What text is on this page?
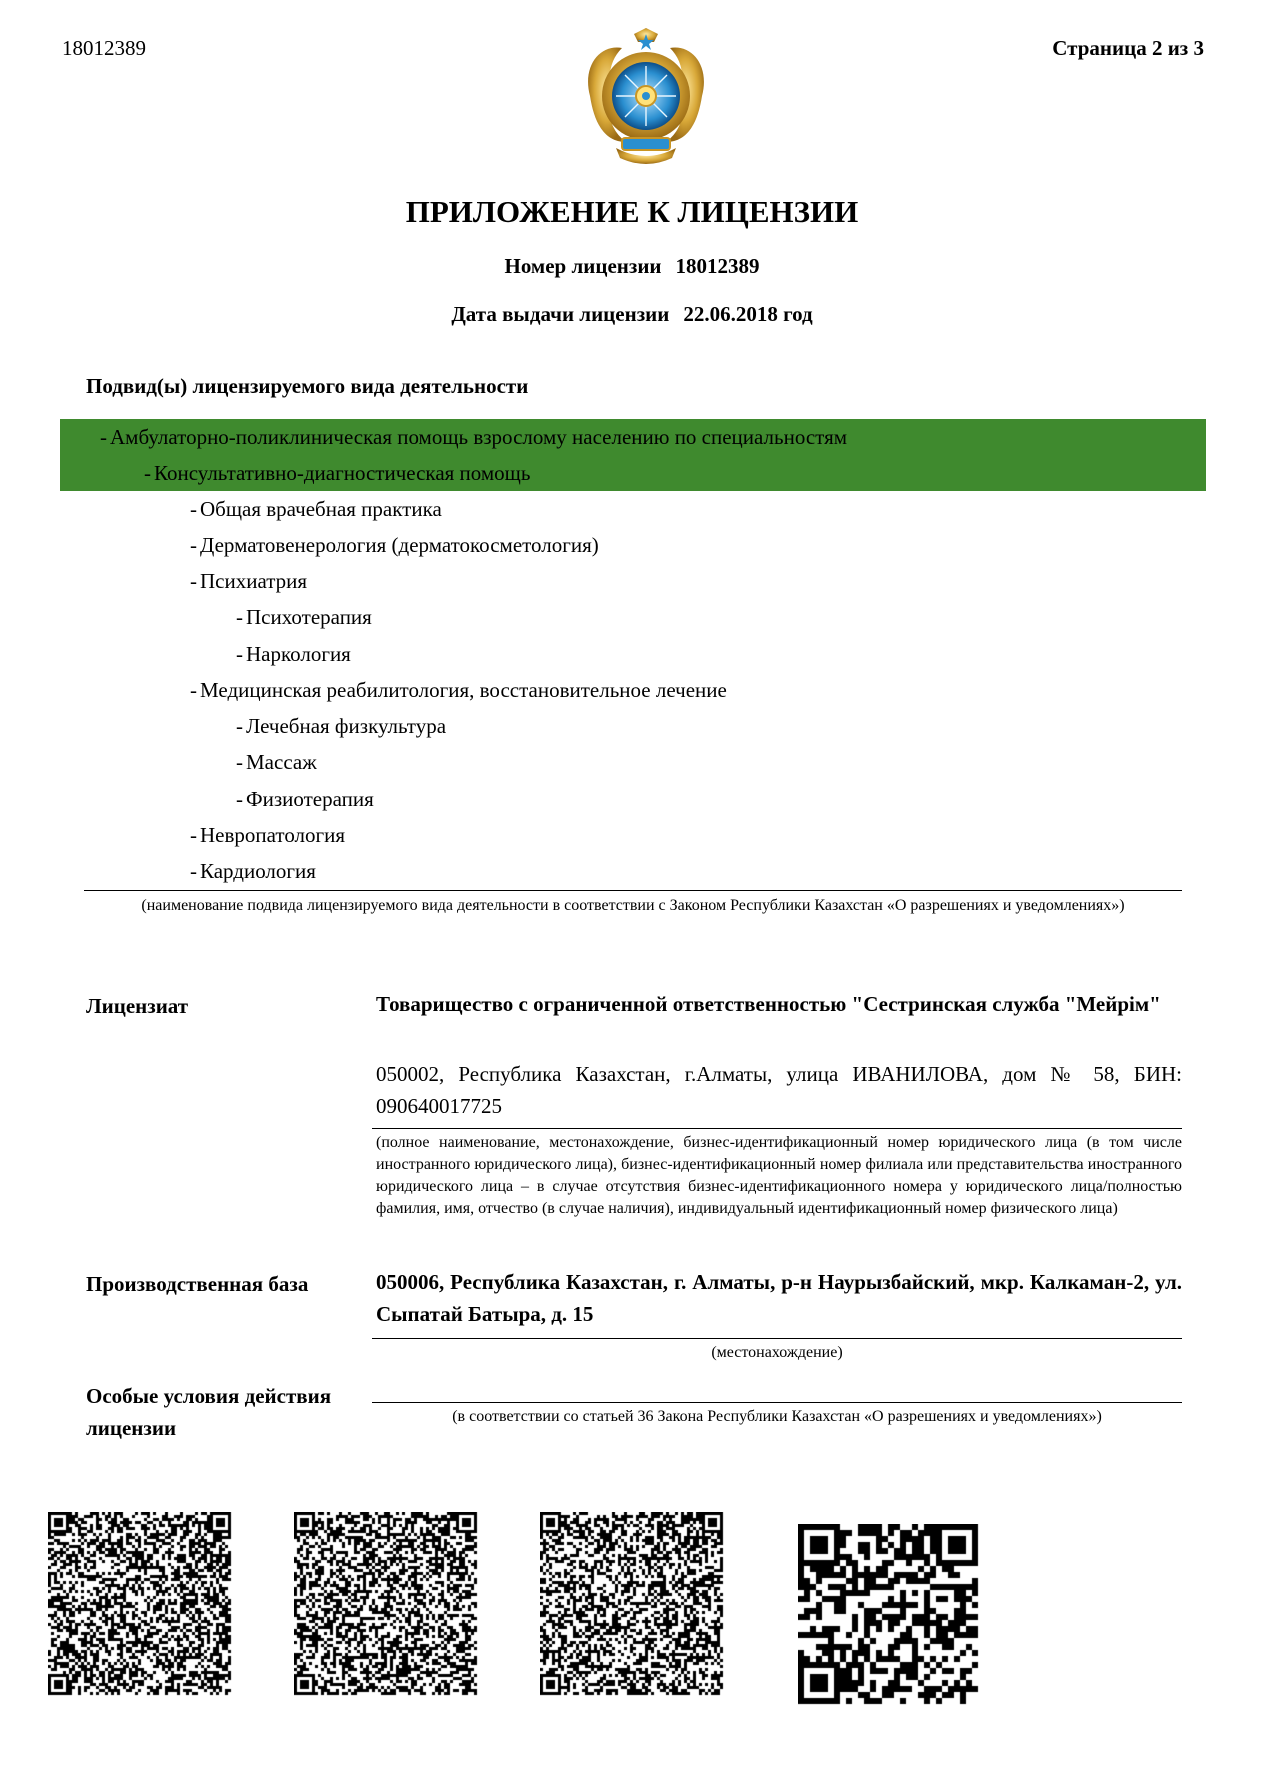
18012389	Страница 2 из 3
ПРИЛОЖЕНИЕ К ЛИЦЕНЗИИ
Номер лицензии 18012389
Дата выдачи лицензии 22.06.2018 год
Подвид(ы) лицензируемого вида деятельности
- Амбулаторно-поликлиническая помощь взрослому населению по специальностям
- Консультативно-диагностическая помощь
- Общая врачебная практика
- Дерматовенерология (дерматокосметология)
- Психиатрия
- Психотерапия
- Наркология
- Медицинская реабилитология, восстановительное лечение
- Лечебная физкультура
- Массаж
- Физиотерапия
- Невропатология
- Кардиология
(наименование подвида лицензируемого вида деятельности в соответствии с Законом Республики Казахстан «О разрешениях и уведомлениях»)
Лицензиат	Товарищество с ограниченной ответственностью "Сестринская служба "Мейрім"
050002, Республика Казахстан, г.Алматы, улица ИВАНИЛОВА, дом № 58, БИН: 090640017725
(полное наименование, местонахождение, бизнес-идентификационный номер юридического лица (в том числе иностранного юридического лица), бизнес-идентификационный номер филиала или представительства иностранного юридического лица – в случае отсутствия бизнес-идентификационного номера у юридического лица/полностью фамилия, имя, отчество (в случае наличия), индивидуальный идентификационный номер физического лица)
Производственная база	050006, Республика Казахстан, г. Алматы, р-н Наурызбайский, мкр. Калкаман-2, ул. Сыпатай Батыра, д. 15
(местонахождение)
Особые условия действия лицензии	(в соответствии со статьей 36 Закона Республики Казахстан «О разрешениях и уведомлениях»)
